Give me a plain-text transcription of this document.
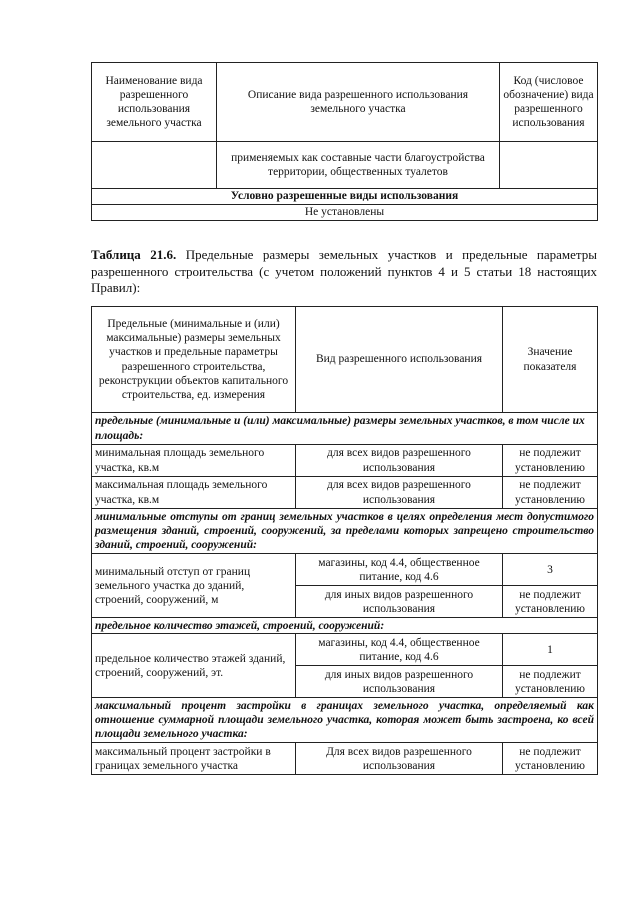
Наименование вида разрешенного использования земельного участка	Описание вида разрешенного использования земельного участка	Код (числовое обозначение) вида разрешенного использования
	применяемых как составные части благоустройства территории, общественных туалетов	
Условно разрешенные виды использования		
Не установлены		

Таблица 21.6. Предельные размеры земельных участков и предельные параметры разрешенного строительства (с учетом положений пунктов 4 и 5 статьи 18 настоящих Правил):

Предельные (минимальные и (или) максимальные) размеры земельных участков и предельные параметры разрешенного строительства, реконструкции объектов капитального строительства, ед. измерения	Вид разрешенного использования	Значение показателя
предельные (минимальные и (или) максимальные) размеры земельных участков, в том числе их площадь:		
минимальная площадь земельного участка, кв.м	для всех видов разрешенного использования	не подлежит установлению
максимальная площадь земельного участка, кв.м	для всех видов разрешенного использования	не подлежит установлению
минимальные отступы от границ земельных участков в целях определения мест допустимого размещения зданий, строений, сооружений, за пределами которых запрещено строительство зданий, строений, сооружений:		
минимальный отступ от границ земельного участка до зданий, строений, сооружений, м	магазины, код 4.4, общественное питание, код 4.6	3
	для иных видов разрешенного использования	не подлежит установлению
предельное количество этажей, строений, сооружений:		
предельное количество этажей зданий, строений, сооружений, эт.	магазины, код 4.4, общественное питание, код 4.6	1
	для иных видов разрешенного использования	не подлежит установлению
максимальный процент застройки в границах земельного участка, определяемый как отношение суммарной площади земельного участка, которая может быть застроена, ко всей площади земельного участка:		
максимальный процент застройки в границах земельного участка	Для всех видов разрешенного использования	не подлежит установлению
